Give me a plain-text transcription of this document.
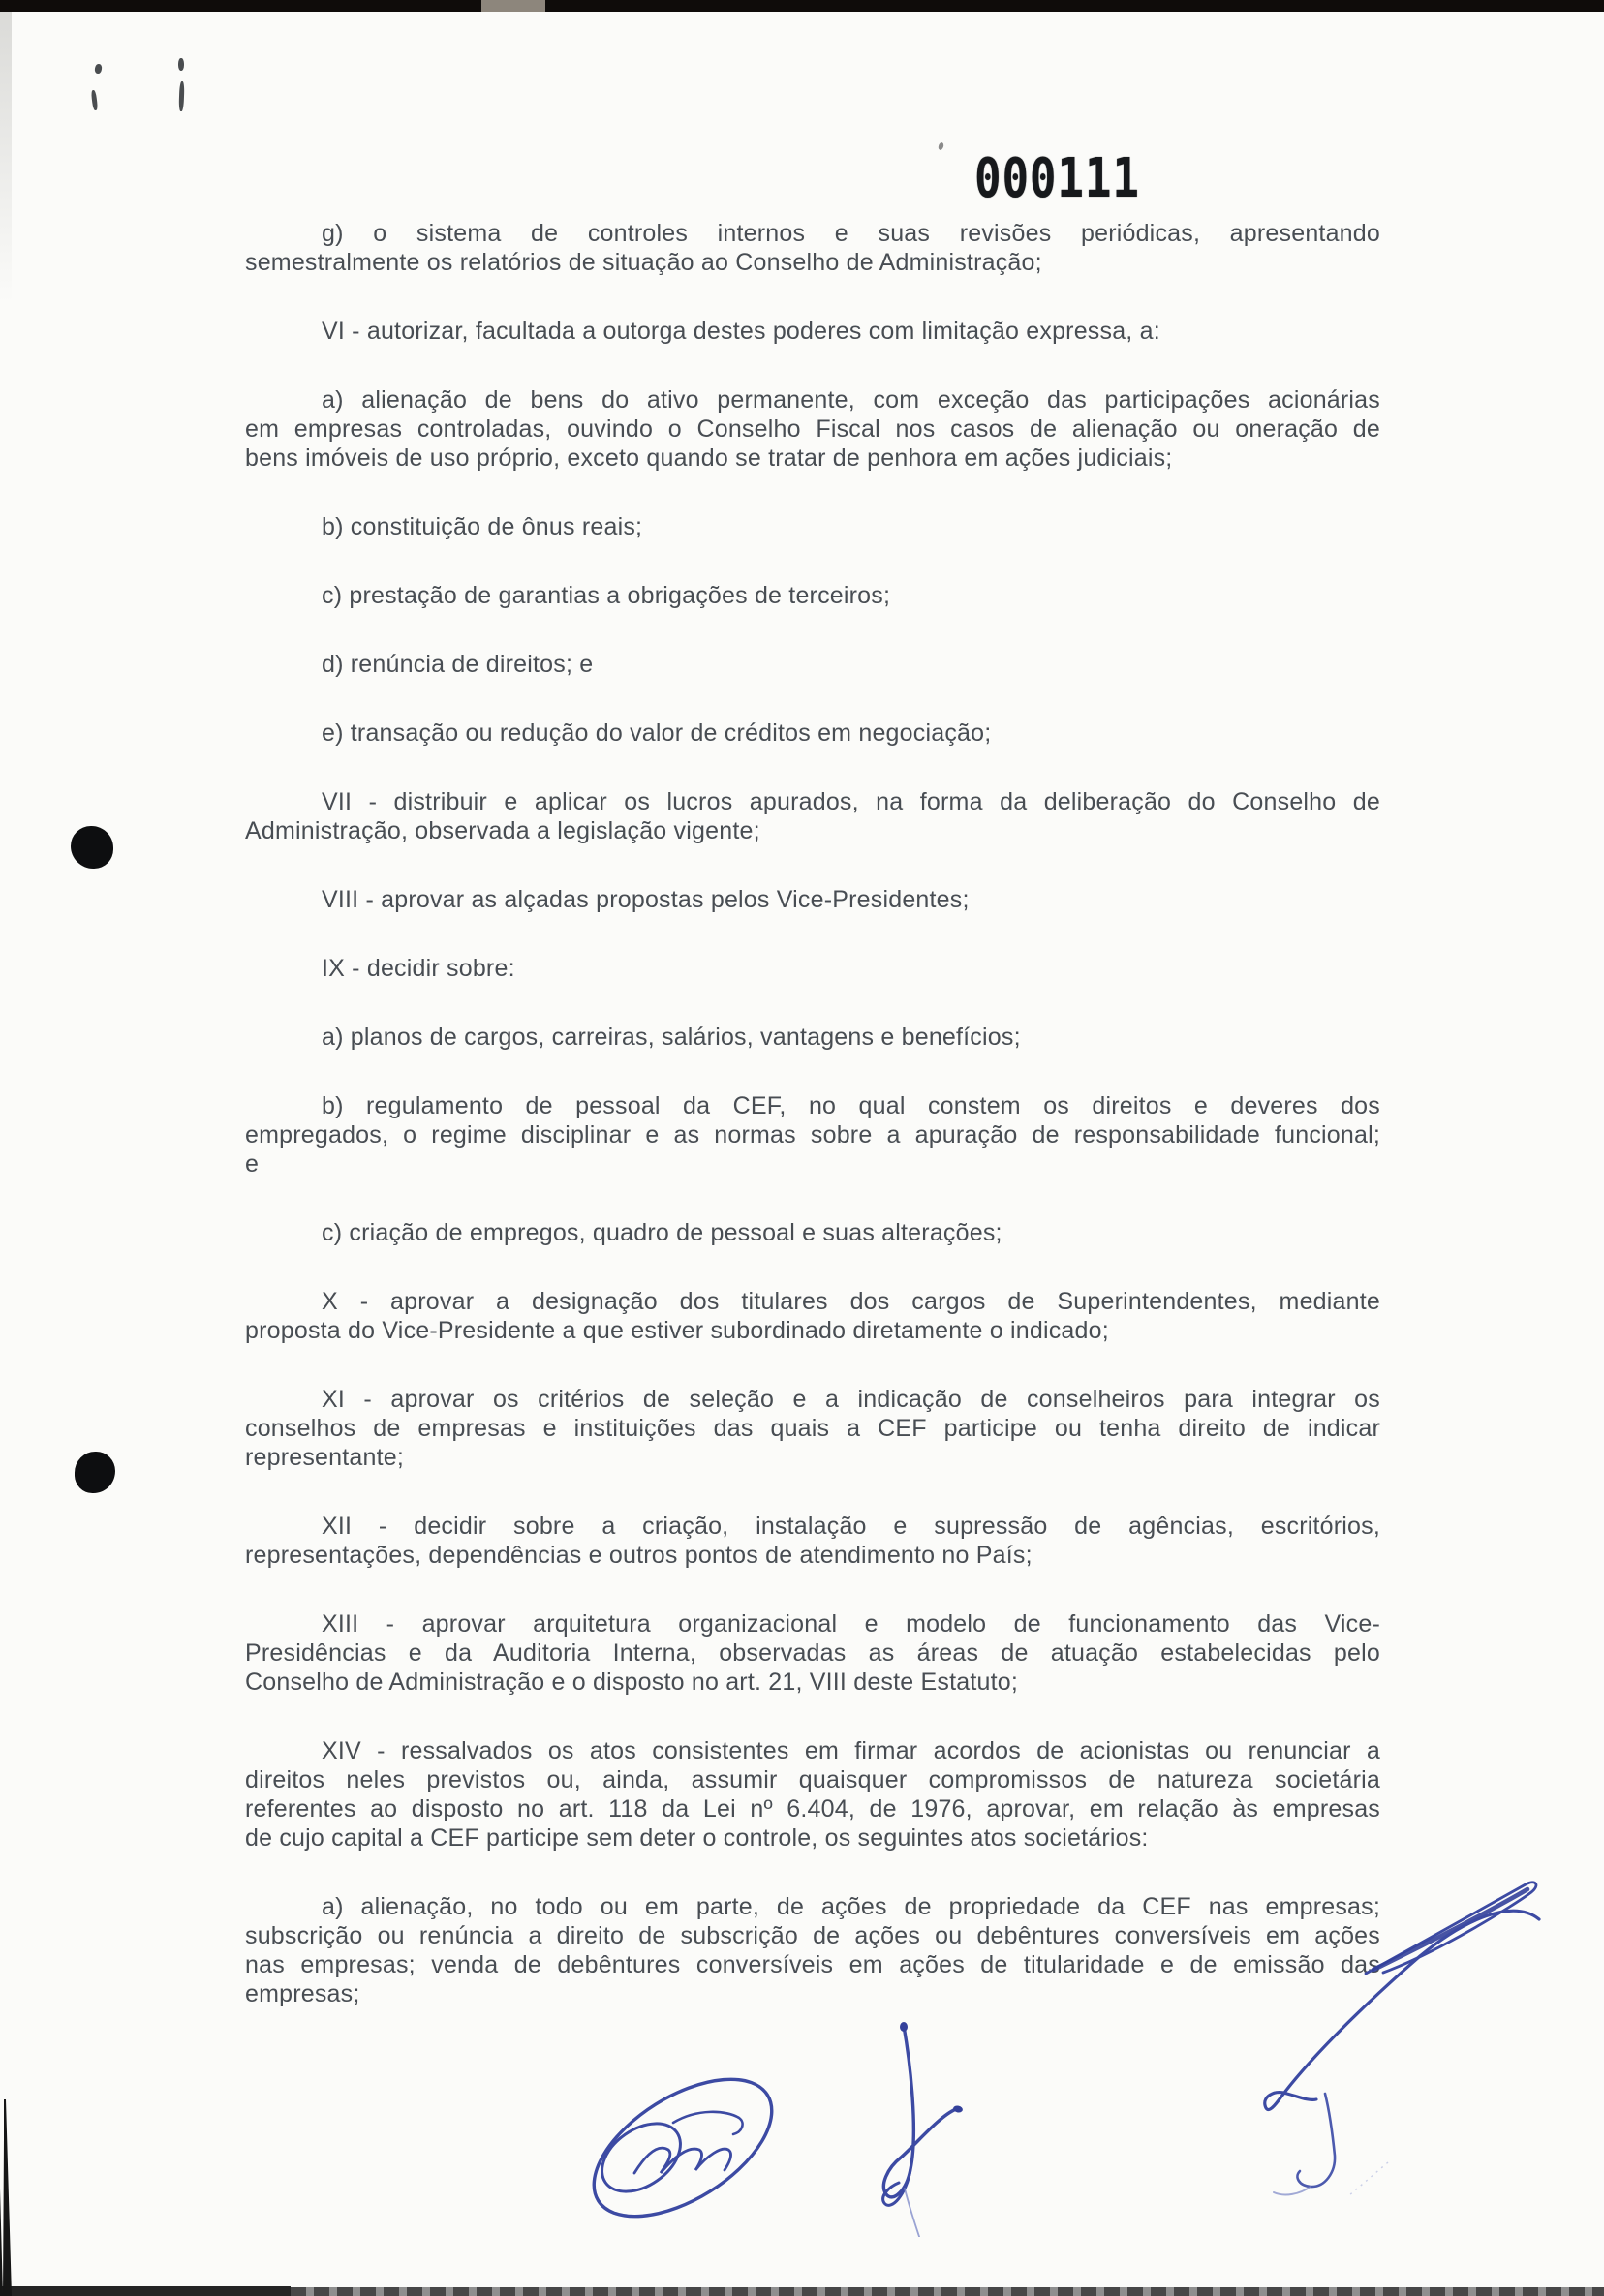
000111

g) o sistema de controles internos e suas revisões periódicas, apresentando
semestralmente os relatórios de situação ao Conselho de Administração;

VI - autorizar, facultada a outorga destes poderes com limitação expressa, a:

a) alienação de bens do ativo permanente, com exceção das participações acionárias
em empresas controladas, ouvindo o Conselho Fiscal nos casos de alienação ou oneração de
bens imóveis de uso próprio, exceto quando se tratar de penhora em ações judiciais;

b) constituição de ônus reais;

c) prestação de garantias a obrigações de terceiros;

d) renúncia de direitos; e

e) transação ou redução do valor de créditos em negociação;

VII - distribuir e aplicar os lucros apurados, na forma da deliberação do Conselho de
Administração, observada a legislação vigente;

VIII - aprovar as alçadas propostas pelos Vice-Presidentes;

IX - decidir sobre:

a) planos de cargos, carreiras, salários, vantagens e benefícios;

b) regulamento de pessoal da CEF, no qual constem os direitos e deveres dos
empregados, o regime disciplinar e as normas sobre a apuração de responsabilidade funcional;
e

c) criação de empregos, quadro de pessoal e suas alterações;

X - aprovar a designação dos titulares dos cargos de Superintendentes, mediante
proposta do Vice-Presidente a que estiver subordinado diretamente o indicado;

XI - aprovar os critérios de seleção e a indicação de conselheiros para integrar os
conselhos de empresas e instituições das quais a CEF participe ou tenha direito de indicar
representante;

XII - decidir sobre a criação, instalação e supressão de agências, escritórios,
representações, dependências e outros pontos de atendimento no País;

XIII - aprovar arquitetura organizacional e modelo de funcionamento das Vice-
Presidências e da Auditoria Interna, observadas as áreas de atuação estabelecidas pelo
Conselho de Administração e o disposto no art. 21, VIII deste Estatuto;

XIV - ressalvados os atos consistentes em firmar acordos de acionistas ou renunciar a
direitos neles previstos ou, ainda, assumir quaisquer compromissos de natureza societária
referentes ao disposto no art. 118 da Lei nº 6.404, de 1976, aprovar, em relação às empresas
de cujo capital a CEF participe sem deter o controle, os seguintes atos societários:

a) alienação, no todo ou em parte, de ações de propriedade da CEF nas empresas;
subscrição ou renúncia a direito de subscrição de ações ou debêntures conversíveis em ações
nas empresas; venda de debêntures conversíveis em ações de titularidade e de emissão das
empresas;
